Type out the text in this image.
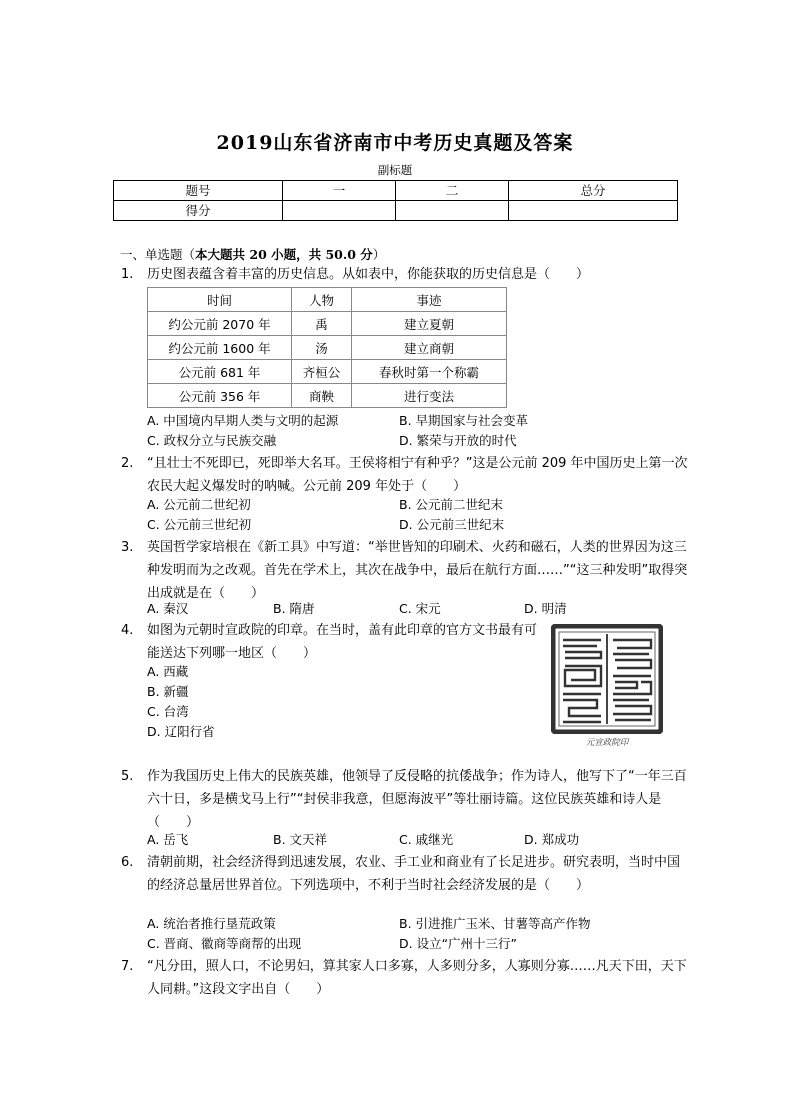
2019山东省济南市中考历史真题及答案
副标题
题号	一	二	总分
得分			
一、单选题（本大题共 20 小题，共 50.0 分）
1.	历史图表蕴含着丰富的历史信息。从如表中，你能获取的历史信息是（　　）
时间	人物	事迹
约公元前 2070 年	禹	建立夏朝
约公元前 1600 年	汤	建立商朝
公元前 681 年	齐桓公	春秋时第一个称霸
公元前 356 年	商鞅	进行变法
A. 中国境内早期人类与文明的起源	B. 早期国家与社会变革
C. 政权分立与民族交融	D. 繁荣与开放的时代
2.	“且壮士不死即已，死即举大名耳。王侯将相宁有种乎？”这是公元前 209 年中国历史上第一次农民大起义爆发时的呐喊。公元前 209 年处于（　　）
A. 公元前二世纪初	B. 公元前二世纪末
C. 公元前三世纪初	D. 公元前三世纪末
3.	英国哲学家培根在《新工具》中写道：“举世皆知的印刷术、火药和磁石，人类的世界因为这三种发明而为之改观。首先在学术上，其次在战争中，最后在航行方面……”“这三种发明”取得突出成就是在（　　）
A. 秦汉	B. 隋唐	C. 宋元	D. 明清
4.	如图为元朝时宣政院的印章。在当时，盖有此印章的官方文书最有可能送达下列哪一地区（　　）
A. 西藏
B. 新疆
C. 台湾
D. 辽阳行省
元宣政院印
5.	作为我国历史上伟大的民族英雄，他领导了反侵略的抗倭战争；作为诗人，他写下了“一年三百六十日，多是横戈马上行”“封侯非我意，但愿海波平”等壮丽诗篇。这位民族英雄和诗人是（　　）
A. 岳飞	B. 文天祥	C. 戚继光	D. 郑成功
6.	清朝前期，社会经济得到迅速发展，农业、手工业和商业有了长足进步。研究表明，当时中国的经济总量居世界首位。下列选项中，不利于当时社会经济发展的是（　　）
A. 统治者推行垦荒政策	B. 引进推广玉米、甘薯等高产作物
C. 晋商、徽商等商帮的出现	D. 设立“广州十三行”
7.	“凡分田，照人口，不论男妇，算其家人口多寡，人多则分多，人寡则分寡……凡天下田，天下人同耕。”这段文字出自（　　）
